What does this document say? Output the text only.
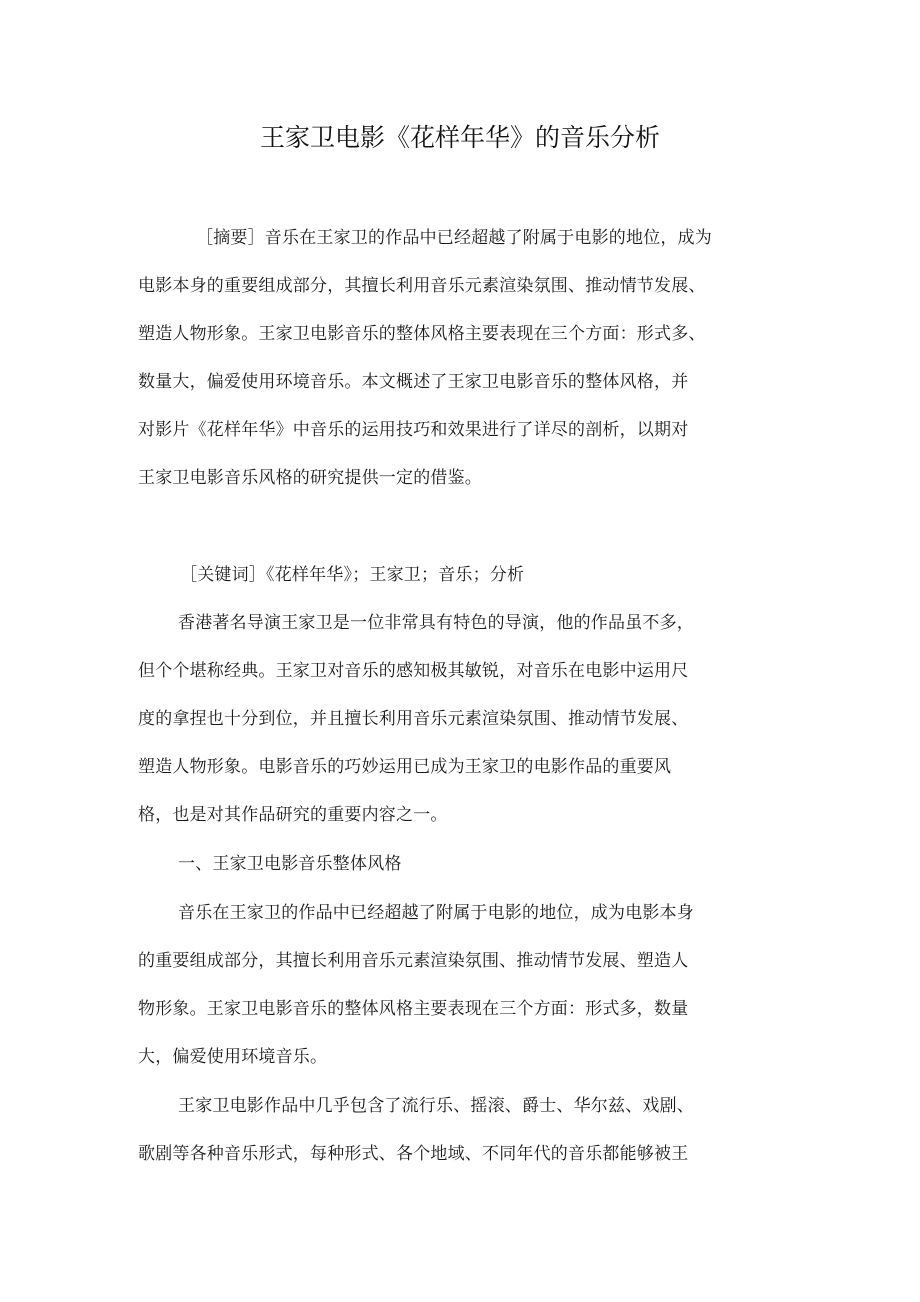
王家卫电影《花样年华》的音乐分析
［摘要］音乐在王家卫的作品中已经超越了附属于电影的地位，成为
电影本身的重要组成部分，其擅长利用音乐元素渲染氛围、推动情节发展、
塑造人物形象。王家卫电影音乐的整体风格主要表现在三个方面：形式多、
数量大，偏爱使用环境音乐。本文概述了王家卫电影音乐的整体风格，并
对影片《花样年华》中音乐的运用技巧和效果进行了详尽的剖析，以期对
王家卫电影音乐风格的研究提供一定的借鉴。
［关键词］《花样年华》；王家卫；音乐；分析
香港著名导演王家卫是一位非常具有特色的导演，他的作品虽不多，
但个个堪称经典。王家卫对音乐的感知极其敏锐，对音乐在电影中运用尺
度的拿捏也十分到位，并且擅长利用音乐元素渲染氛围、推动情节发展、
塑造人物形象。电影音乐的巧妙运用已成为王家卫的电影作品的重要风
格，也是对其作品研究的重要内容之一。
一、王家卫电影音乐整体风格
音乐在王家卫的作品中已经超越了附属于电影的地位，成为电影本身
的重要组成部分，其擅长利用音乐元素渲染氛围、推动情节发展、塑造人
物形象。王家卫电影音乐的整体风格主要表现在三个方面：形式多，数量
大，偏爱使用环境音乐。
王家卫电影作品中几乎包含了流行乐、摇滚、爵士、华尔兹、戏剧、
歌剧等各种音乐形式，每种形式、各个地域、不同年代的音乐都能够被王
